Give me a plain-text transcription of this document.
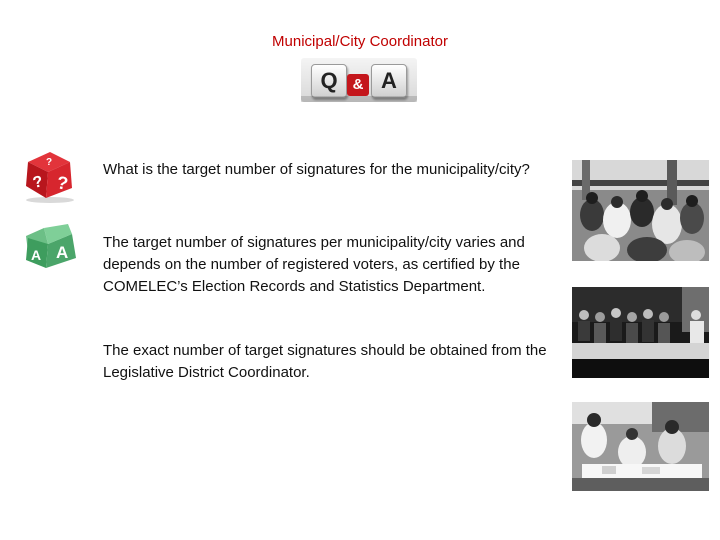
Municipal/City Coordinator
Q	& A
? ?
?	What is the target number of signatures for the municipality/city?

A A

The target number of signatures per municipality/city varies and depends on the number of registered voters, as certified by the COMELEC’s Election Records and Statistics Department.

The exact number of target signatures should be obtained from the Legislative District Coordinator.
